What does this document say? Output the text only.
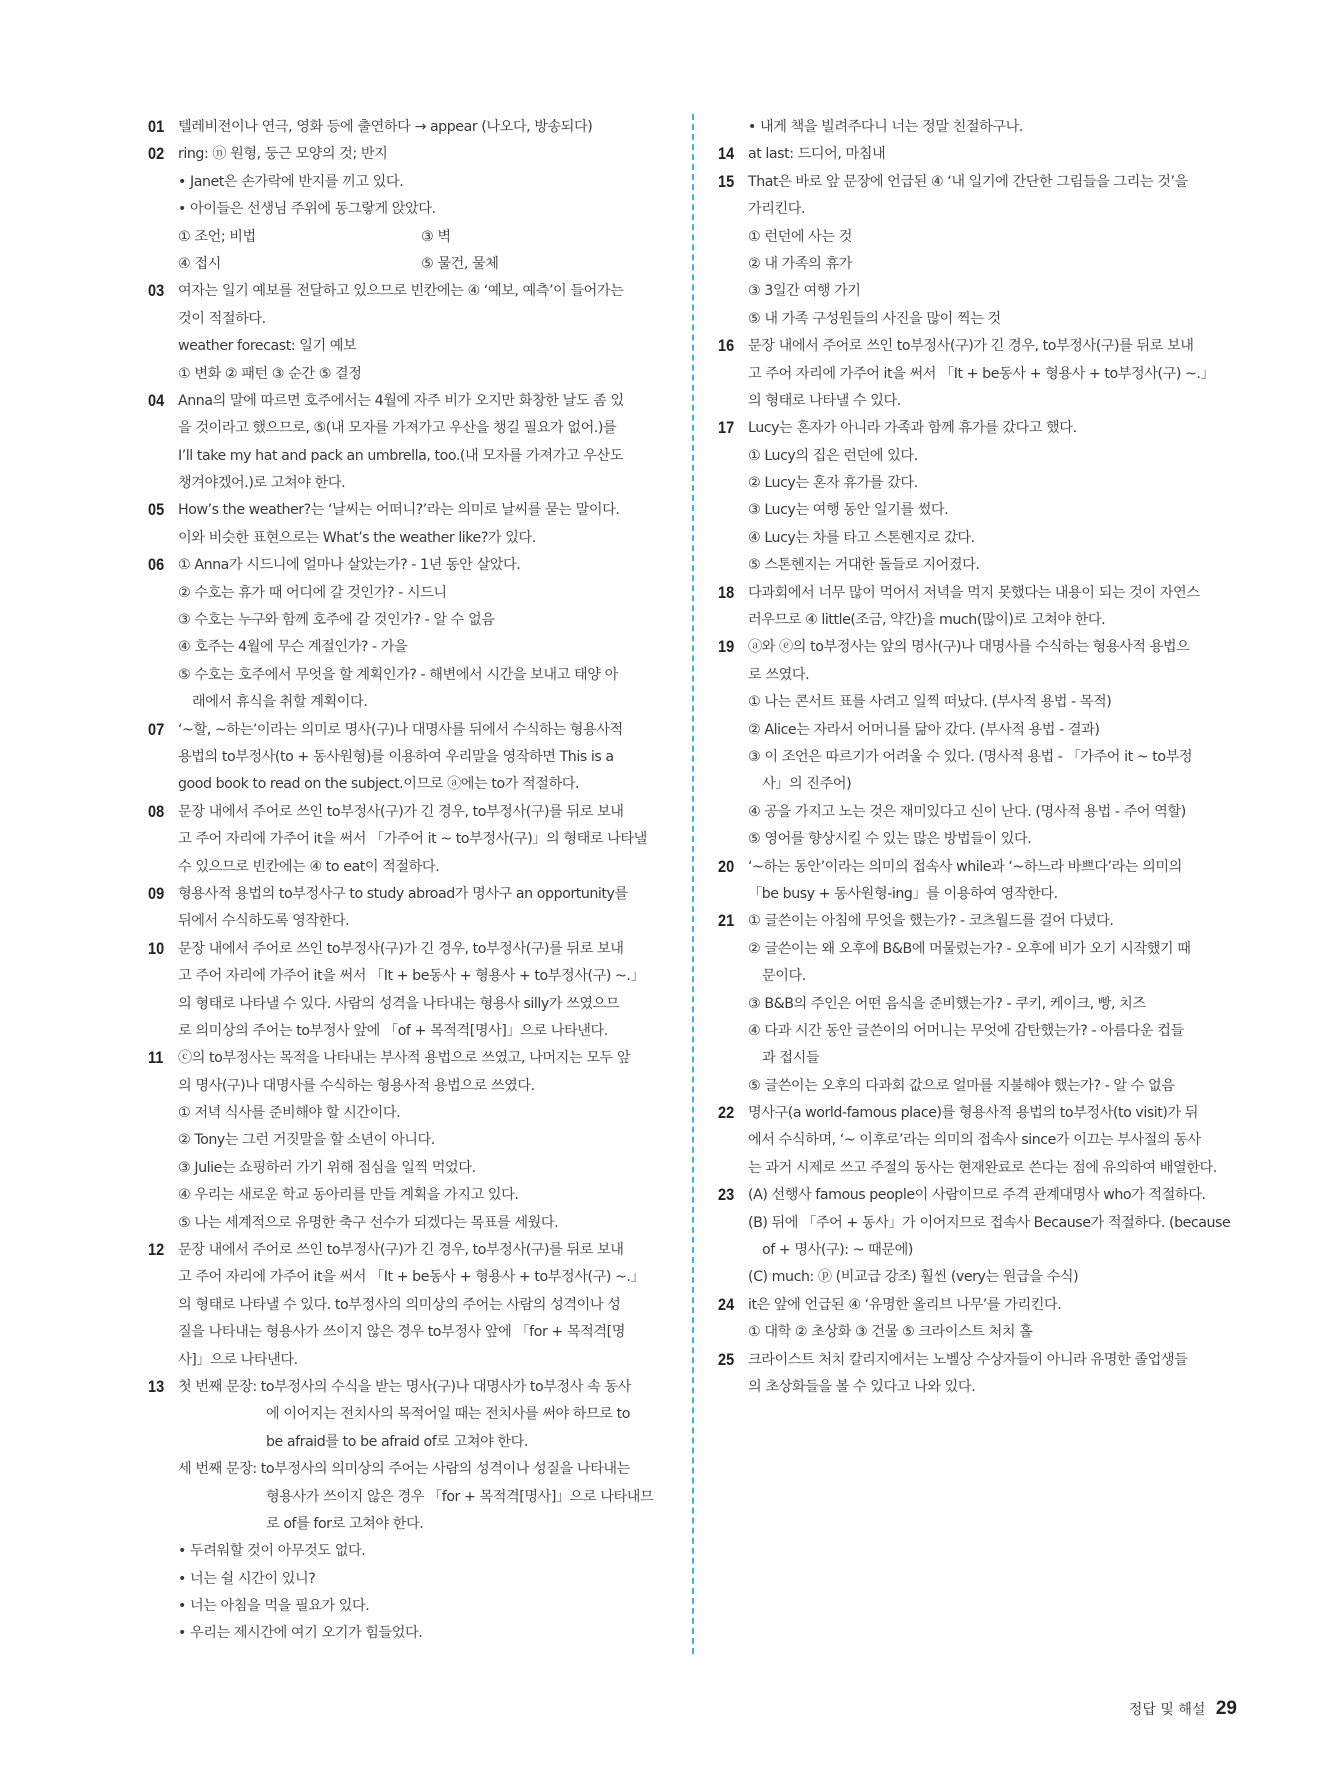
01 텔레비전이나 연극, 영화 등에 출연하다 → appear (나오다, 방송되다)
02 ring: ⓝ 원형, 둥근 모양의 것; 반지
• Janet은 손가락에 반지를 끼고 있다.
• 아이들은 선생님 주위에 동그랗게 앉았다.
① 조언; 비법	③ 벽
④ 접시	⑤ 물건, 물체
03 여자는 일기 예보를 전달하고 있으므로 빈칸에는 ④ ‘예보, 예측’이 들어가는
것이 적절하다.
weather forecast: 일기 예보
① 변화 ② 패턴 ③ 순간 ⑤ 결정
04 Anna의 말에 따르면 호주에서는 4월에 자주 비가 오지만 화창한 날도 좀 있
을 것이라고 했으므로, ⑤(내 모자를 가져가고 우산을 챙길 필요가 없어.)를
I’ll take my hat and pack an umbrella, too.(내 모자를 가져가고 우산도
챙겨야겠어.)로 고쳐야 한다.
05 How’s the weather?는 ‘날씨는 어떠니?’라는 의미로 날씨를 묻는 말이다.
이와 비슷한 표현으로는 What’s the weather like?가 있다.
06 ① Anna가 시드니에 얼마나 살았는가? - 1년 동안 살았다.
② 수호는 휴가 때 어디에 갈 것인가? - 시드니
③ 수호는 누구와 함께 호주에 갈 것인가? - 알 수 없음
④ 호주는 4월에 무슨 계절인가? - 가을
⑤ 수호는 호주에서 무엇을 할 계획인가? - 해변에서 시간을 보내고 태양 아
래에서 휴식을 취할 계획이다.
07 ‘~할, ~하는’이라는 의미로 명사(구)나 대명사를 뒤에서 수식하는 형용사적
용법의 to부정사(to + 동사원형)를 이용하여 우리말을 영작하면 This is a
good book to read on the subject.이므로 ⓐ에는 to가 적절하다.
08 문장 내에서 주어로 쓰인 to부정사(구)가 긴 경우, to부정사(구)를 뒤로 보내
고 주어 자리에 가주어 it을 써서 「가주어 it ~ to부정사(구)」의 형태로 나타낼
수 있으므로 빈칸에는 ④ to eat이 적절하다.
09 형용사적 용법의 to부정사구 to study abroad가 명사구 an opportunity를
뒤에서 수식하도록 영작한다.
10 문장 내에서 주어로 쓰인 to부정사(구)가 긴 경우, to부정사(구)를 뒤로 보내
고 주어 자리에 가주어 it을 써서 「It + be동사 + 형용사 + to부정사(구) ~.」
의 형태로 나타낼 수 있다. 사람의 성격을 나타내는 형용사 silly가 쓰였으므
로 의미상의 주어는 to부정사 앞에 「of + 목적격[명사]」으로 나타낸다.
11 ⓒ의 to부정사는 목적을 나타내는 부사적 용법으로 쓰였고, 나머지는 모두 앞
의 명사(구)나 대명사를 수식하는 형용사적 용법으로 쓰였다.
① 저녁 식사를 준비해야 할 시간이다.
② Tony는 그런 거짓말을 할 소년이 아니다.
③ Julie는 쇼핑하러 가기 위해 점심을 일찍 먹었다.
④ 우리는 새로운 학교 동아리를 만들 계획을 가지고 있다.
⑤ 나는 세계적으로 유명한 축구 선수가 되겠다는 목표를 세웠다.
12 문장 내에서 주어로 쓰인 to부정사(구)가 긴 경우, to부정사(구)를 뒤로 보내
고 주어 자리에 가주어 it을 써서 「It + be동사 + 형용사 + to부정사(구) ~.」
의 형태로 나타낼 수 있다. to부정사의 의미상의 주어는 사람의 성격이나 성
질을 나타내는 형용사가 쓰이지 않은 경우 to부정사 앞에 「for + 목적격[명
사]」으로 나타낸다.
13 첫 번째 문장: to부정사의 수식을 받는 명사(구)나 대명사가 to부정사 속 동사
에 이어지는 전치사의 목적어일 때는 전치사를 써야 하므로 to
be afraid를 to be afraid of로 고쳐야 한다.
세 번째 문장: to부정사의 의미상의 주어는 사람의 성격이나 성질을 나타내는
형용사가 쓰이지 않은 경우 「for + 목적격[명사]」으로 나타내므
로 of를 for로 고쳐야 한다.
• 두려워할 것이 아무것도 없다.
• 너는 쉴 시간이 있니?
• 너는 아침을 먹을 필요가 있다.
• 우리는 제시간에 여기 오기가 힘들었다.
• 내게 책을 빌려주다니 너는 정말 친절하구나.
14 at last: 드디어, 마침내
15 That은 바로 앞 문장에 언급된 ④ ‘내 일기에 간단한 그림들을 그리는 것’을
가리킨다.
① 런던에 사는 것
② 내 가족의 휴가
③ 3일간 여행 가기
⑤ 내 가족 구성원들의 사진을 많이 찍는 것
16 문장 내에서 주어로 쓰인 to부정사(구)가 긴 경우, to부정사(구)를 뒤로 보내
고 주어 자리에 가주어 it을 써서 「It + be동사 + 형용사 + to부정사(구) ~.」
의 형태로 나타낼 수 있다.
17 Lucy는 혼자가 아니라 가족과 함께 휴가를 갔다고 했다.
① Lucy의 집은 런던에 있다.
② Lucy는 혼자 휴가를 갔다.
③ Lucy는 여행 동안 일기를 썼다.
④ Lucy는 차를 타고 스톤헨지로 갔다.
⑤ 스톤헨지는 거대한 돌들로 지어졌다.
18 다과회에서 너무 많이 먹어서 저녁을 먹지 못했다는 내용이 되는 것이 자연스
러우므로 ④ little(조금, 약간)을 much(많이)로 고쳐야 한다.
19 ⓐ와 ⓔ의 to부정사는 앞의 명사(구)나 대명사를 수식하는 형용사적 용법으
로 쓰였다.
① 나는 콘서트 표를 사려고 일찍 떠났다. (부사적 용법 - 목적)
② Alice는 자라서 어머니를 닮아 갔다. (부사적 용법 - 결과)
③ 이 조언은 따르기가 어려울 수 있다. (명사적 용법 - 「가주어 it ~ to부정
사」의 진주어)
④ 공을 가지고 노는 것은 재미있다고 신이 난다. (명사적 용법 - 주어 역할)
⑤ 영어를 향상시킬 수 있는 많은 방법들이 있다.
20 ‘~하는 동안’이라는 의미의 접속사 while과 ‘~하느라 바쁘다’라는 의미의
「be busy + 동사원형-ing」를 이용하여 영작한다.
21 ① 글쓴이는 아침에 무엇을 했는가? - 코츠월드를 걸어 다녔다.
② 글쓴이는 왜 오후에 B&B에 머물렀는가? - 오후에 비가 오기 시작했기 때
문이다.
③ B&B의 주인은 어떤 음식을 준비했는가? - 쿠키, 케이크, 빵, 치즈
④ 다과 시간 동안 글쓴이의 어머니는 무엇에 감탄했는가? - 아름다운 컵들
과 접시들
⑤ 글쓴이는 오후의 다과회 값으로 얼마를 지불해야 했는가? - 알 수 없음
22 명사구(a world-famous place)를 형용사적 용법의 to부정사(to visit)가 뒤
에서 수식하며, ‘~ 이후로’라는 의미의 접속사 since가 이끄는 부사절의 동사
는 과거 시제로 쓰고 주절의 동사는 현재완료로 쓴다는 점에 유의하여 배열한다.
23 (A) 선행사 famous people이 사람이므로 주격 관계대명사 who가 적절하다.
(B) 뒤에 「주어 + 동사」가 이어지므로 접속사 Because가 적절하다. (because
of + 명사(구): ~ 때문에)
(C) much: ⓟ (비교급 강조) 훨씬 (very는 원급을 수식)
24 it은 앞에 언급된 ④ ‘유명한 올리브 나무’를 가리킨다.
① 대학 ② 초상화 ③ 건물 ⑤ 크라이스트 처치 홀
25 크라이스트 처치 칼리지에서는 노벨상 수상자들이 아니라 유명한 졸업생들
의 초상화들을 볼 수 있다고 나와 있다.
정답 및 해설 29
